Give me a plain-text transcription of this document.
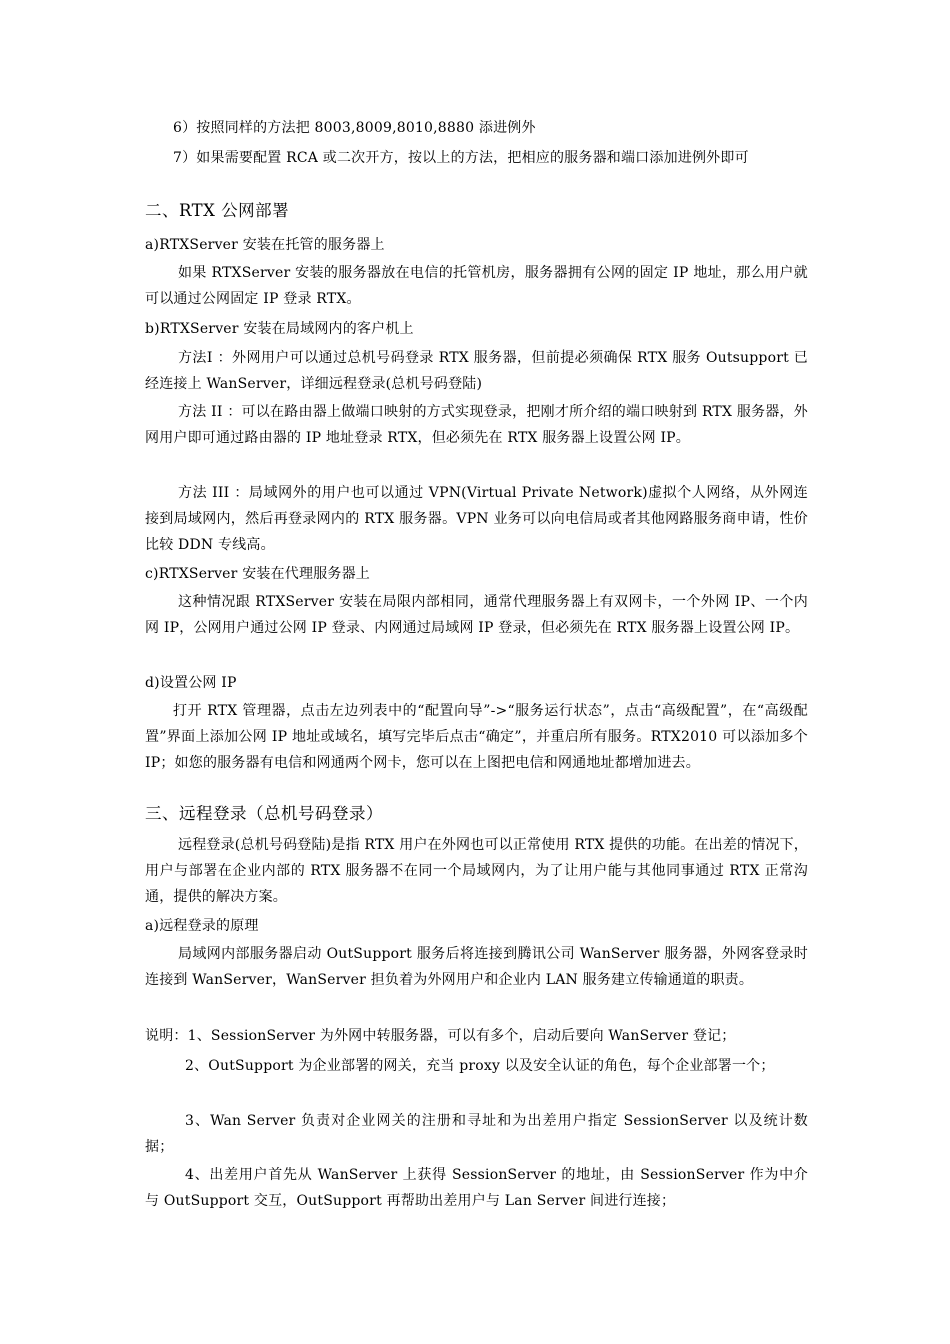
6）按照同样的方法把 8003,8009,8010,8880 添进例外
7）如果需要配置 RCA 或二次开方，按以上的方法，把相应的服务器和端口添加进例外即可
二、RTX 公网部署
a)RTXServer 安装在托管的服务器上
如果 RTXServer 安装的服务器放在电信的托管机房，服务器拥有公网的固定 IP 地址，那么用户就可以通过公网固定 IP 登录 RTX。
b)RTXServer 安装在局域网内的客户机上
方法Ⅰ ：外网用户可以通过总机号码登录 RTX 服务器，但前提必须确保 RTX 服务 Outsupport 已经连接上 WanServer，详细远程登录(总机号码登陆)
方法 II ：可以在路由器上做端口映射的方式实现登录，把刚才所介绍的端口映射到 RTX 服务器，外网用户即可通过路由器的 IP 地址登录 RTX，但必须先在 RTX 服务器上设置公网 IP。
方法 III ：局域网外的用户也可以通过 VPN(Virtual Private Network)虚拟个人网络，从外网连接到局域网内，然后再登录网内的 RTX 服务器。VPN 业务可以向电信局或者其他网路服务商申请，性价比较 DDN 专线高。
c)RTXServer 安装在代理服务器上
这种情况跟 RTXServer 安装在局限内部相同，通常代理服务器上有双网卡，一个外网 IP、一个内网 IP，公网用户通过公网 IP 登录、内网通过局域网 IP 登录，但必须先在 RTX 服务器上设置公网 IP。
d)设置公网 IP
打开 RTX 管理器，点击左边列表中的“配置向导”->“服务运行状态”，点击“高级配置”，在“高级配置”界面上添加公网 IP 地址或域名，填写完毕后点击“确定”，并重启所有服务。RTX2010 可以添加多个 IP；如您的服务器有电信和网通两个网卡，您可以在上图把电信和网通地址都增加进去。
三、远程登录（总机号码登录）
远程登录(总机号码登陆)是指 RTX 用户在外网也可以正常使用 RTX 提供的功能。在出差的情况下，用户与部署在企业内部的 RTX 服务器不在同一个局域网内，为了让用户能与其他同事通过 RTX 正常沟通，提供的解决方案。
a)远程登录的原理
局域网内部服务器启动 OutSupport 服务后将连接到腾讯公司 WanServer 服务器，外网客登录时连接到 WanServer，WanServer 担负着为外网用户和企业内 LAN 服务建立传输通道的职责。
说明：1、SessionServer 为外网中转服务器，可以有多个，启动后要向 WanServer 登记；
2、OutSupport 为企业部署的网关，充当 proxy 以及安全认证的角色，每个企业部署一个；
3、Wan Server 负责对企业网关的注册和寻址和为出差用户指定 SessionServer 以及统计数据；
4、出差用户首先从 WanServer 上获得 SessionServer 的地址，由 SessionServer 作为中介与 OutSupport 交互，OutSupport 再帮助出差用户与 Lan Server 间进行连接；
